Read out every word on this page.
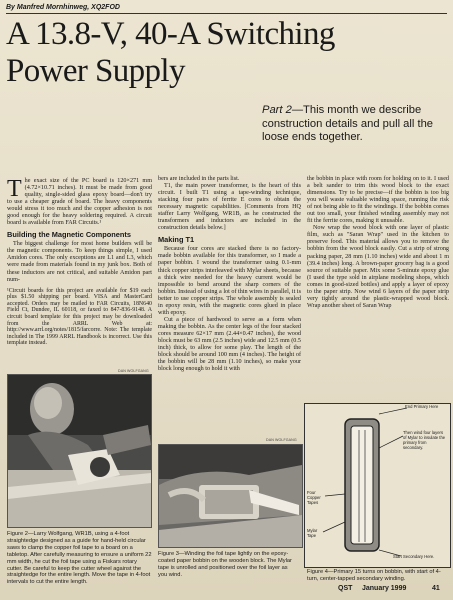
By Manfred Mornhinweg, XQ2FOD
A 13.8-V, 40-A Switching
Power Supply
Part 2—This month we describe construction details and pull all the loose ends together.

The exact size of the PC board is 120×271 mm (4.72×10.71 inches). It must be made from good quality, single-sided glass epoxy board—don't try to use a cheaper grade of board. The heavy components would stress it too much and the copper adhesion is not good enough for the heavy soldering required. A circuit board is available from FAR Circuits.¹

Building the Magnetic Components

The biggest challenge for most home builders will be the magnetic components. To keep things simple, I used Amidon cores. The only exceptions are L1 and L3, which were made from materials found in my junk box. Both of these inductors are not critical, and suitable Amidon part num-

¹Circuit boards for this project are available for $19 each plus $1.50 shipping per board. VISA and MasterCard accepted. Orders may be mailed to FAR Circuits, 18N640 Field Ct, Dundee, IL 60118, or faxed to 847-836-9148. A circuit board template for this project may be downloaded from the ARRL Web at: http://www.arrl.org/notes/1815/farcorre. Note: The template included in The 1999 ARRL Handbook is incorrect. Use this template instead.

DAN WOLFGANG
Figure 2—Larry Wolfgang, WR1B, using a 4-foot straightedge designed as a guide for hand-held circular saws to clamp the copper foil tape to a board on a tabletop. After carefully measuring to ensure a uniform 22 mm width, he cut the foil tape using a Fiskars rotary cutter. Be careful to keep the cutter wheel against the straightedge for the entire length. Move the tape in 4-foot intervals to cut the entire length.

bers are included in the parts list.

T1, the main power transformer, is the heart of this circuit. I built T1 using a tape-winding technique, stacking four pairs of ferrite E cores to obtain the necessary magnetic capabilities. [Comments from HQ staffer Larry Wolfgang, WR1B, as he constructed the transformers and inductors are included in the construction details below.]

Making T1

Because four cores are stacked there is no factory-made bobbin available for this transformer, so I made a paper bobbin. I wound the transformer using 0.1-mm thick copper strips interleaved with Mylar sheets, because a thick wire needed for the heavy current would be impossible to bend around the sharp corners of the bobbin. Instead of using a lot of thin wires in parallel, it is better to use copper strips. The whole assembly is sealed in epoxy resin, with the magnetic cores glued in place with epoxy.

Cut a piece of hardwood to serve as a form when making the bobbin. As the center legs of the four stacked cores measure 62×17 mm (2.44×0.47 inches), the wood block must be 63 mm (2.5 inches) wide and 12.5 mm (0.5 inch) thick, to allow for some play. The length of the block should be around 100 mm (4 inches). The height of the bobbin will be 28 mm (1.10 inches), so make your block long enough to hold it with

DAN WOLFGANG
Figure 3—Winding the foil tape lightly on the epoxy-coated paper bobbin on the wooden block. The Mylar tape is unrolled and positioned over the foil layer as you wind.

the bobbin in place with room for holding on to it. I used a belt sander to trim this wood block to the exact dimensions. Try to be precise—if the bobbin is too big you will waste valuable winding space, running the risk of not being able to fit the windings. If the bobbin comes out too small, your finished winding assembly may not fit the ferrite cores, making it unusable.

Now wrap the wood block with one layer of plastic film, such as "Saran Wrap" used in the kitchen to preserve food. This material allows you to remove the bobbin from the wood block easily. Cut a strip of strong packing paper, 28 mm (1.10 inches) wide and about 1 m (39.4 inches) long. A brown-paper grocery bag is a good source of suitable paper. Mix some 5-minute epoxy glue (I used the type sold in airplane modeling shops, which comes in good-sized bottles) and apply a layer of epoxy to the paper strip. Now wind 6 layers of the paper strip very tightly around the plastic-wrapped wood block. Wrap another sheet of Saran Wrap

End Primary Here
Then wind four layers of Mylar to insulate the primary from secondary.
Four Copper Tapes
Mylar Tape
Start Secondary Here.
Figure 4—Primary 15 turns on bobbin, with start of 4-turn, center-tapped secondary winding.
QST January 1999	41
